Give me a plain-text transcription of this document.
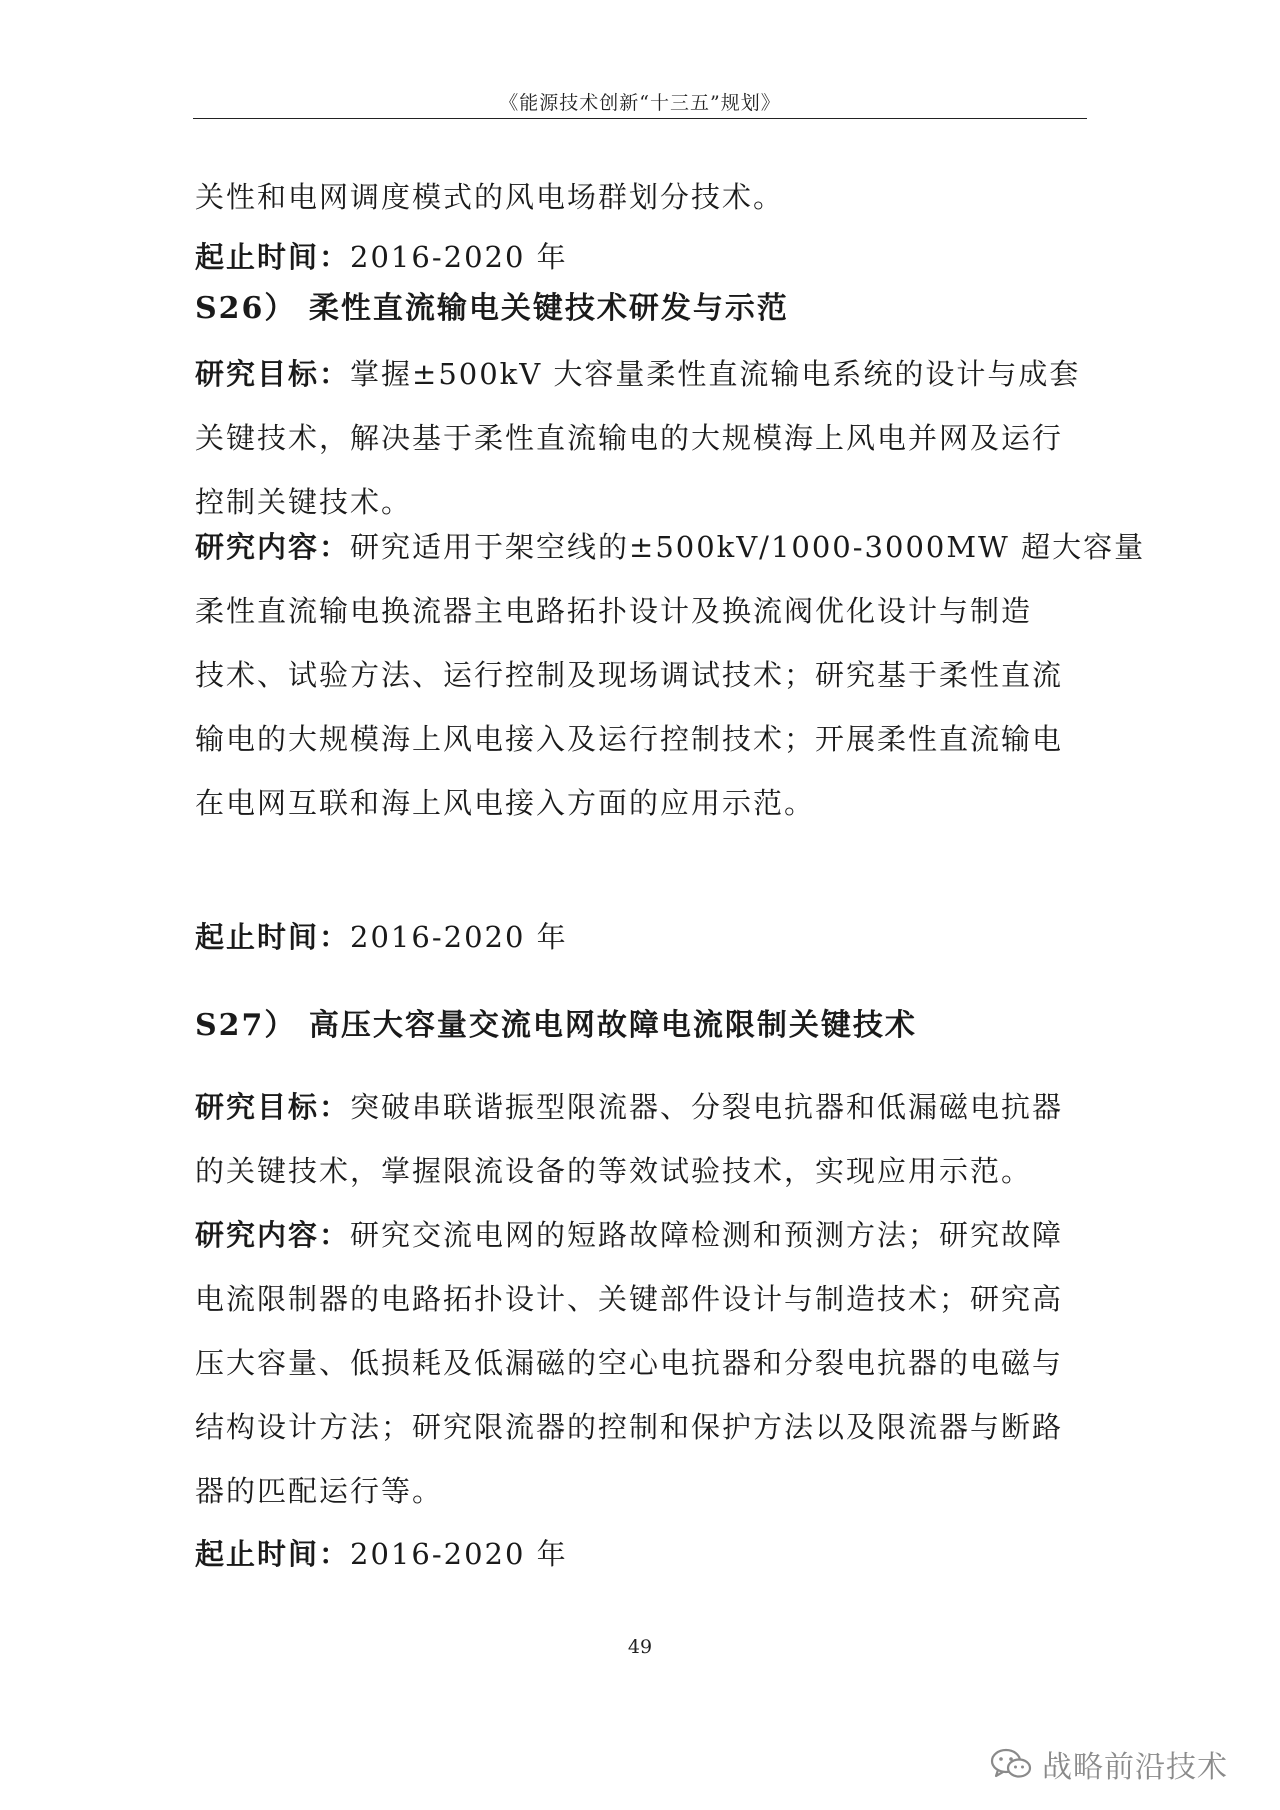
《能源技术创新“十三五”规划》
关性和电网调度模式的风电场群划分技术。
起止时间：2016-2020 年
S26） 柔性直流输电关键技术研发与示范
研究目标：掌握±500kV 大容量柔性直流输电系统的设计与成套
关键技术，解决基于柔性直流输电的大规模海上风电并网及运行
控制关键技术。
研究内容：研究适用于架空线的±500kV/1000-3000MW 超大容量
柔性直流输电换流器主电路拓扑设计及换流阀优化设计与制造
技术、试验方法、运行控制及现场调试技术；研究基于柔性直流
输电的大规模海上风电接入及运行控制技术；开展柔性直流输电
在电网互联和海上风电接入方面的应用示范。
起止时间：2016-2020 年
S27） 高压大容量交流电网故障电流限制关键技术
研究目标：突破串联谐振型限流器、分裂电抗器和低漏磁电抗器
的关键技术，掌握限流设备的等效试验技术，实现应用示范。
研究内容：研究交流电网的短路故障检测和预测方法；研究故障
电流限制器的电路拓扑设计、关键部件设计与制造技术；研究高
压大容量、低损耗及低漏磁的空心电抗器和分裂电抗器的电磁与
结构设计方法；研究限流器的控制和保护方法以及限流器与断路
器的匹配运行等。
起止时间：2016-2020 年
49
战略前沿技术
